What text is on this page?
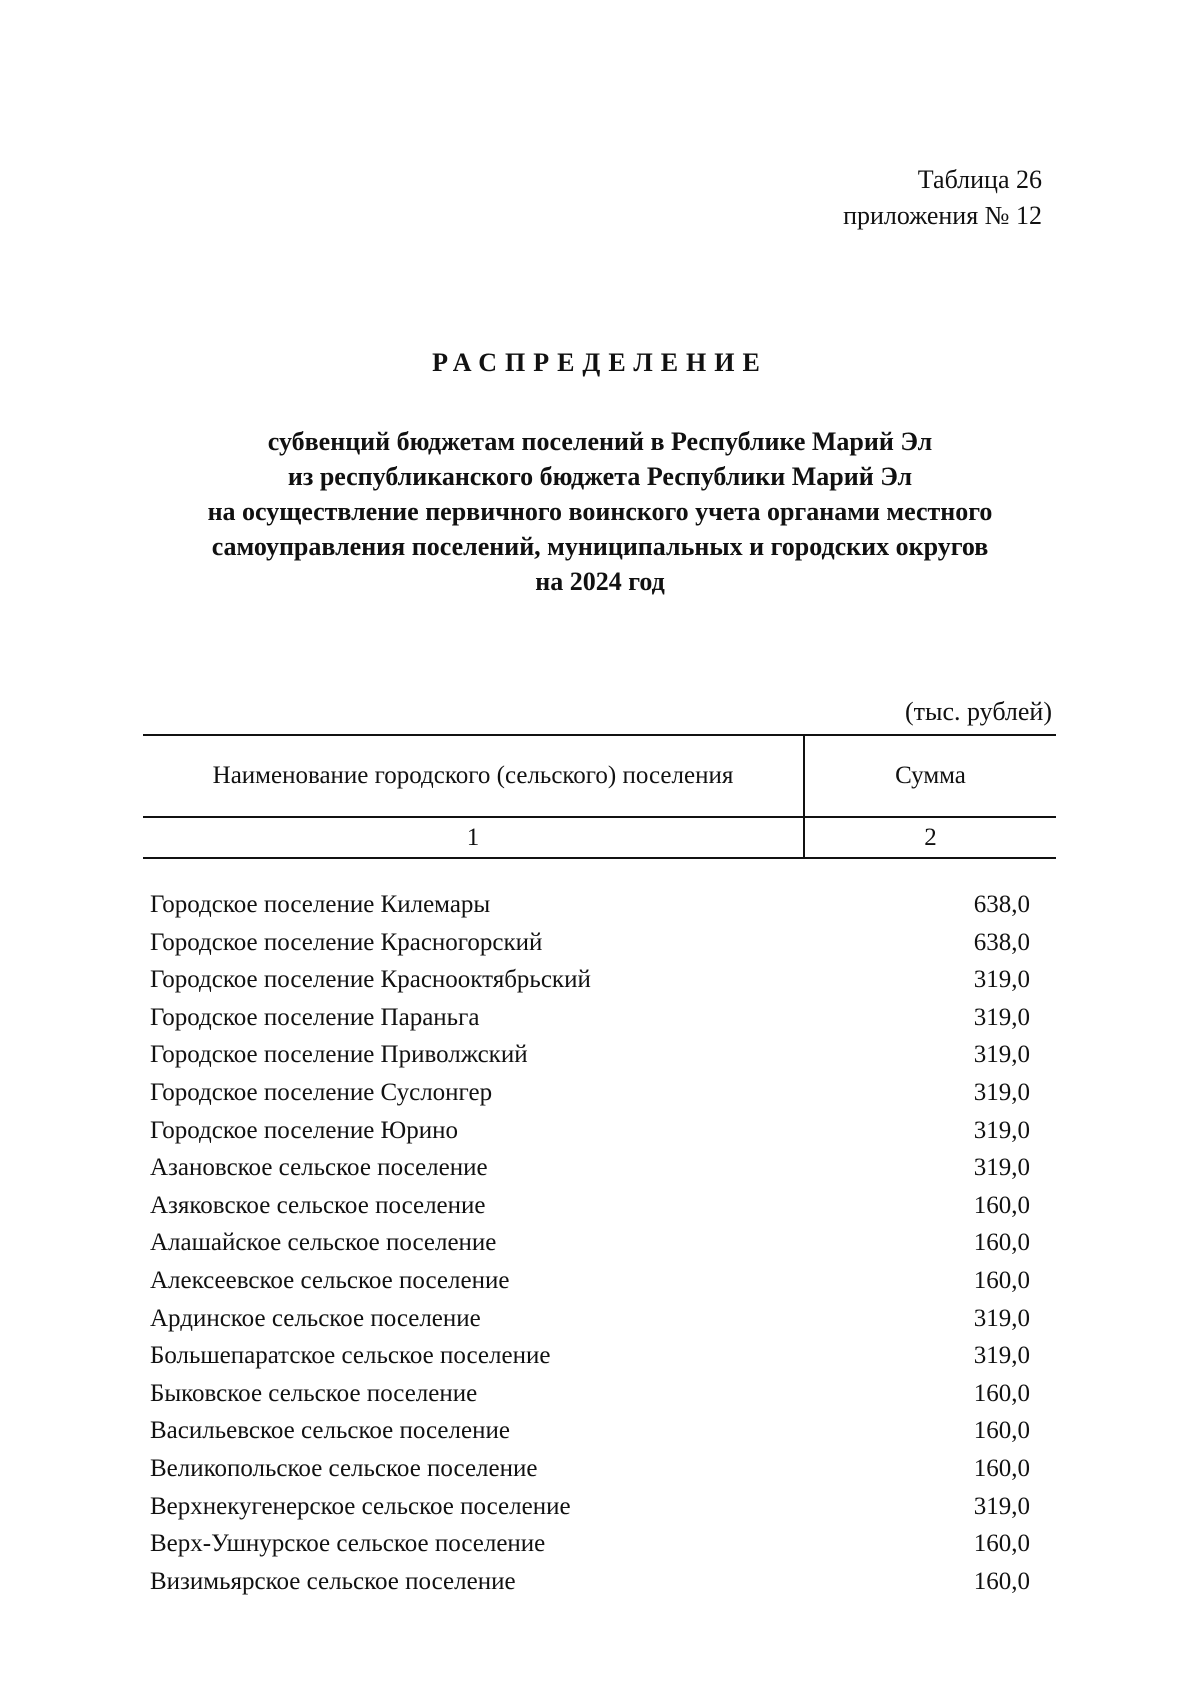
Таблица 26
приложения № 12
РАСПРЕДЕЛЕНИЕ
субвенций бюджетам поселений в Республике Марий Эл
из республиканского бюджета Республики Марий Эл
на осуществление первичного воинского учета органами местного
самоуправления поселений, муниципальных и городских округов
на 2024 год
(тыс. рублей)
Наименование городского (сельского) поселения	Сумма
1	2
Городское поселение Килемары	638,0
Городское поселение Красногорский	638,0
Городское поселение Краснооктябрьский	319,0
Городское поселение Параньга	319,0
Городское поселение Приволжский	319,0
Городское поселение Суслонгер	319,0
Городское поселение Юрино	319,0
Азановское сельское поселение	319,0
Азяковское сельское поселение	160,0
Алашайское сельское поселение	160,0
Алексеевское сельское поселение	160,0
Ардинское сельское поселение	319,0
Большепаратское сельское поселение	319,0
Быковское сельское поселение	160,0
Васильевское сельское поселение	160,0
Великопольское сельское поселение	160,0
Верхнекугенерское сельское поселение	319,0
Верх-Ушнурское сельское поселение	160,0
Визимьярское сельское поселение	160,0
